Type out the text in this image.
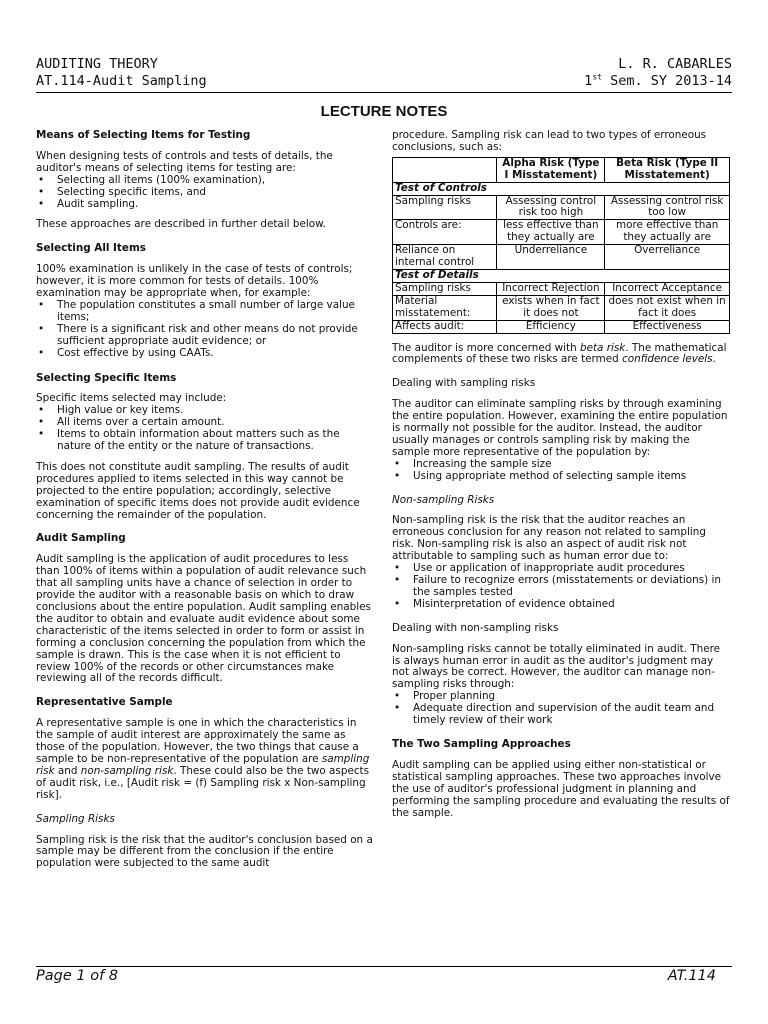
AUDITING THEORY	L. R. CABARLES
AT.114-Audit Sampling	1st Sem. SY 2013-14
LECTURE NOTES
Means of Selecting Items for Testing

When designing tests of controls and tests of details, the auditor's means of selecting items for testing are:

• Selecting all items (100% examination),
• Selecting specific items, and
• Audit sampling.

These approaches are described in further detail below.

Selecting All Items

100% examination is unlikely in the case of tests of controls; however, it is more common for tests of details. 100% examination may be appropriate when, for example:

• The population constitutes a small number of large value items;
• There is a significant risk and other means do not provide sufficient appropriate audit evidence; or
• Cost effective by using CAATs.
Selecting Specific Items

Specific items selected may include:

• High value or key items.
• All items over a certain amount.
• Items to obtain information about matters such as the nature of the entity or the nature of transactions.

This does not constitute audit sampling. The results of audit procedures applied to items selected in this way cannot be projected to the entire population; accordingly, selective examination of specific items does not provide audit evidence concerning the remainder of the population.

Audit Sampling

Audit sampling is the application of audit procedures to less than 100% of items within a population of audit relevance such that all sampling units have a chance of selection in order to provide the auditor with a reasonable basis on which to draw conclusions about the entire population. Audit sampling enables the auditor to obtain and evaluate audit evidence about some characteristic of the items selected in order to form or assist in forming a conclusion concerning the population from which the sample is drawn. This is the case when it is not efficient to review 100% of the records or other circumstances make reviewing all of the records difficult.

Representative Sample

A representative sample is one in which the characteristics in the sample of audit interest are approximately the same as those of the population. However, the two things that cause a sample to be non-representative of the population are sampling risk and non-sampling risk. These could also be the two aspects of audit risk, i.e., [Audit risk = (f) Sampling risk x Non-sampling risk].

Sampling Risks

Sampling risk is the risk that the auditor's conclusion based on a sample may be different from the conclusion if the entire population were subjected to the same audit

procedure. Sampling risk can lead to two types of erroneous conclusions, such as:

	Alpha Risk (Type I Misstatement)	Beta Risk (Type II Misstatement)
Test of Controls		
Sampling risks	Assessing control risk too high	Assessing control risk too low
Controls are:	less effective than they actually are	more effective than they actually are
Reliance on internal control	Underreliance	Overreliance
Test of Details		
Sampling risks	Incorrect Rejection	Incorrect Acceptance
Material misstatement:	exists when in fact it does not	does not exist when in fact it does
Affects audit:	Efficiency	Effectiveness

The auditor is more concerned with beta risk. The mathematical complements of these two risks are termed confidence levels.

Dealing with sampling risks

The auditor can eliminate sampling risks by through examining the entire population. However, examining the entire population is normally not possible for the auditor. Instead, the auditor usually manages or controls sampling risk by making the sample more representative of the population by:

• Increasing the sample size
• Using appropriate method of selecting sample items
Non-sampling Risks

Non-sampling risk is the risk that the auditor reaches an erroneous conclusion for any reason not related to sampling risk. Non-sampling risk is also an aspect of audit risk not attributable to sampling such as human error due to:

• Use or application of inappropriate audit procedures
• Failure to recognize errors (misstatements or deviations) in the samples tested
• Misinterpretation of evidence obtained
Dealing with non-sampling risks

Non-sampling risks cannot be totally eliminated in audit. There is always human error in audit as the auditor's judgment may not always be correct. However, the auditor can manage non-sampling risks through:

• Proper planning
• Adequate direction and supervision of the audit team and timely review of their work
The Two Sampling Approaches

Audit sampling can be applied using either non-statistical or statistical sampling approaches. These two approaches involve the use of auditor's professional judgment in planning and performing the sampling procedure and evaluating the results of the sample.

Page 1 of 8	AT.114
